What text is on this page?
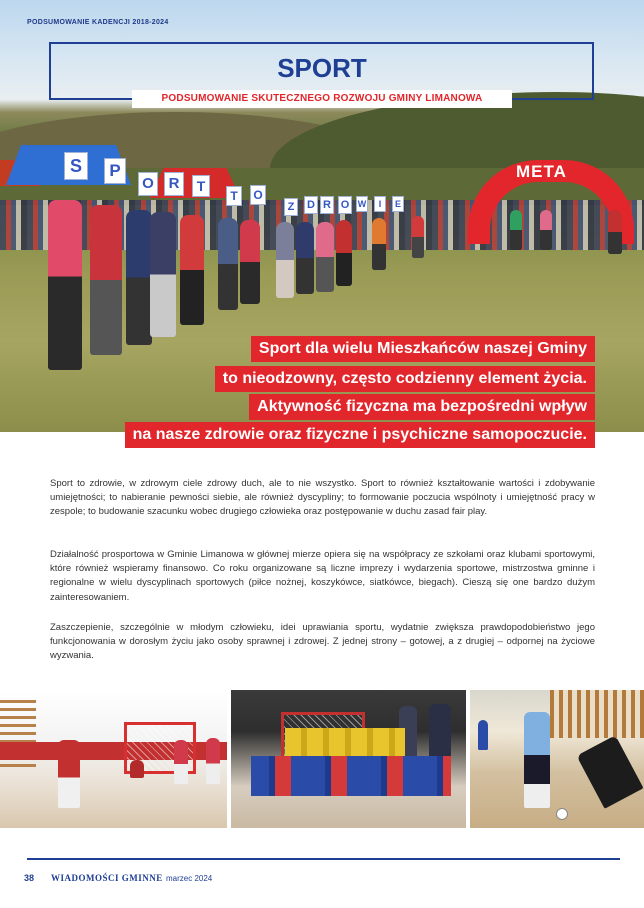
META
S	P
O R	T
T	O
Z	D R O W	I	E
PODSUMOWANIE KADENCJI 2018-2024
SPORT
PODSUMOWANIE SKUTECZNEGO ROZWOJU GMINY LIMANOWA
Sport dla wielu Mieszkańców naszej Gminy
to nieodzowny, często codzienny element życia.
Aktywność fizyczna ma bezpośredni wpływ
na nasze zdrowie oraz fizyczne i psychiczne samopoczucie.

Sport to zdrowie, w zdrowym ciele zdrowy duch, ale to nie wszystko. Sport to również kształtowanie wartości i zdobywanie umiejętności; to nabieranie pewności siebie, ale również dyscypliny; to formowanie poczucia wspólnoty i umiejętność pracy w zespole; to budowanie szacunku wobec drugiego człowieka oraz postępowanie w duchu zasad fair play.

Działalność prosportowa w Gminie Limanowa w głównej mierze opiera się na współpracy ze szkołami oraz klubami sportowymi, które również wspieramy finansowo. Co roku organizowane są liczne imprezy i wydarzenia sportowe, mistrzostwa gminne i regionalne w wielu dyscyplinach sportowych (piłce nożnej, koszykówce, siatkówce, biegach). Cieszą się one bardzo dużym zainteresowaniem.

Zaszczepienie, szczególnie w młodym człowieku, idei uprawiania sportu, wydatnie zwiększa prawdopodobieństwo jego funkcjonowania w dorosłym życiu jako osoby sprawnej i zdrowej. Z jednej strony – gotowej, a z drugiej – odpornej na życiowe wyzwania.

38 WIADOMOŚCI GMINNE marzec 2024
